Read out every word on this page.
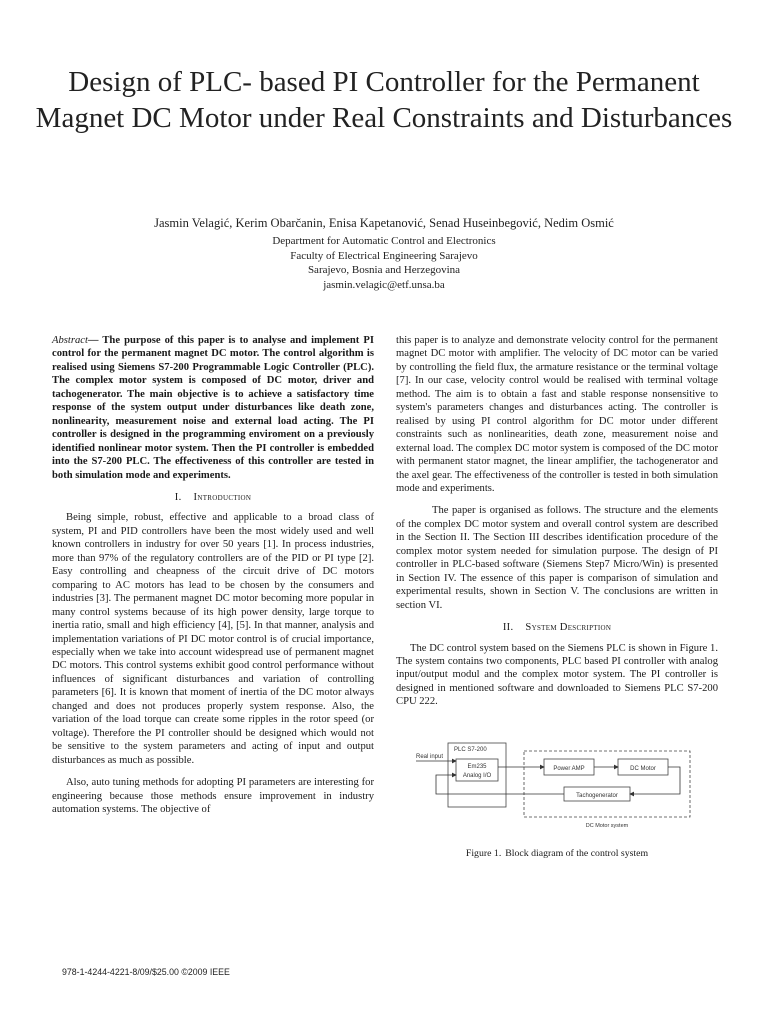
Design of PLC- based PI Controller for the Permanent Magnet DC Motor under Real Constraints and Disturbances
Jasmin Velagić, Kerim Obarčanin, Enisa Kapetanović, Senad Huseinbegović, Nedim Osmić
Department for Automatic Control and Electronics
Faculty of Electrical Engineering Sarajevo
Sarajevo, Bosnia and Herzegovina
jasmin.velagic@etf.unsa.ba

Abstract— The purpose of this paper is to analyse and implement PI control for the permanent magnet DC motor. The control algorithm is realised using Siemens S7-200 Programmable Logic Controller (PLC). The complex motor system is composed of DC motor, driver and tachogenerator. The main objective is to achieve a satisfactory time response of the system output under disturbances like death zone, nonlinearity, measurement noise and external load acting. The PI controller is designed in the programming enviroment on a previously identified nonlinear motor system. Then the PI controller is embedded into the S7-200 PLC. The effectiveness of this controller are tested in both simulation mode and experiments.

I. Introduction

Being simple, robust, effective and applicable to a broad class of system, PI and PID controllers have been the most widely used and well known controllers in industry for over 50 years [1]. In process industries, more than 97% of the regulatory controllers are of the PID or PI type [2]. Easy controlling and cheapness of the circuit drive of DC motors comparing to AC motors has lead to be chosen by the consumers and industries [3]. The permanent magnet DC motor becoming more popular in many control systems because of its high power density, large torque to inertia ratio, small and high efficiency [4], [5]. In that manner, analysis and implementation variations of PI DC motor control is of crucial importance, especially when we take into account widespread use of permanent magnet DC motors. This control systems exhibit good control performance without influences of significant disturbances and variation of controlling parameters [6]. It is known that moment of inertia of the DC motor always changed and does not produces properly system response. Also, the variation of the load torque can create some ripples in the rotor speed (or voltage). Therefore the PI controller should be designed which would not be sensitive to the system parameters and acting of input and output disturbances as much as possible.

Also, auto tuning methods for adopting PI parameters are interesting for engineering because those methods ensure improvement in industry automation systems. The objective of

this paper is to analyze and demonstrate velocity control for the permanent magnet DC motor with amplifier. The velocity of DC motor can be varied by controlling the field flux, the armature resistance or the terminal voltage [7]. In our case, velocity control would be realised with terminal voltage method. The aim is to obtain a fast and stable response nonsensitive to system's parameters changes and disturbances acting. The controller is realised by using PI control algorithm for DC motor under different constraints such as nonlinearities, death zone, measurement noise and external load. The complex DC motor system is composed of the DC motor with permanent stator magnet, the linear amplifier, the tachogenerator and the axel gear. The effectiveness of the controller is tested in both simulation mode and experiments.

The paper is organised as follows. The structure and the elements of the complex DC motor system and overall control system are described in the Section II. The Section III describes identification procedure of the complex motor system needed for simulation purpose. The design of PI controller in PLC-based software (Siemens Step7 Micro/Win) is presented in Section IV. The essence of this paper is comparison of simulation and experimental results, shown in Section V. The conclusions are written in section VI.

II. System Description

The DC control system based on the Siemens PLC is shown in Figure 1. The system contains two components, PLC based PI controller with analog input/output modul and the complex motor system. The PI controller is designed in mentioned software and downloaded to Siemens PLC S7-200 CPU 222.

PLC S7-200
Em235
Analog I/O
Real input
Power AMP	DC Motor
Tachogenerator
DC Motor system
Figure 1. Block diagram of the control system
978-1-4244-4221-8/09/$25.00 ©2009 IEEE
